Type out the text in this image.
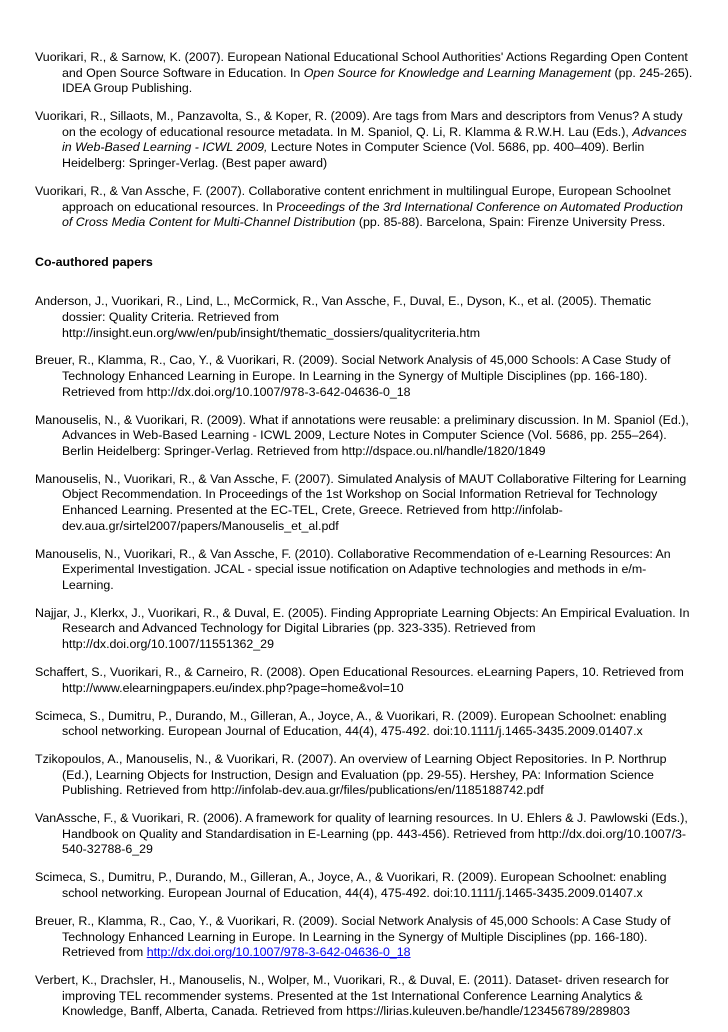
Vuorikari, R., & Sarnow, K. (2007). European National Educational School Authorities' Actions Regarding Open Content and Open Source Software in Education. In Open Source for Knowledge and Learning Management (pp. 245-265). IDEA Group Publishing.

Vuorikari, R., Sillaots, M., Panzavolta, S., & Koper, R. (2009). Are tags from Mars and descriptors from Venus? A study on the ecology of educational resource metadata. In M. Spaniol, Q. Li, R. Klamma & R.W.H. Lau (Eds.), Advances in Web-Based Learning - ICWL 2009, Lecture Notes in Computer Science (Vol. 5686, pp. 400–409). Berlin Heidelberg: Springer-Verlag. (Best paper award)

Vuorikari, R., & Van Assche, F. (2007). Collaborative content enrichment in multilingual Europe, European Schoolnet approach on educational resources. In Proceedings of the 3rd International Conference on Automated Production of Cross Media Content for Multi-Channel Distribution (pp. 85-88). Barcelona, Spain: Firenze University Press.

Co-authored papers

Anderson, J., Vuorikari, R., Lind, L., McCormick, R., Van Assche, F., Duval, E., Dyson, K., et al. (2005). Thematic dossier: Quality Criteria. Retrieved from http://insight.eun.org/ww/en/pub/insight/thematic_dossiers/qualitycriteria.htm

Breuer, R., Klamma, R., Cao, Y., & Vuorikari, R. (2009). Social Network Analysis of 45,000 Schools: A Case Study of Technology Enhanced Learning in Europe. In Learning in the Synergy of Multiple Disciplines (pp. 166-180). Retrieved from http://dx.doi.org/10.1007/978-3-642-04636-0_18

Manouselis, N., & Vuorikari, R. (2009). What if annotations were reusable: a preliminary discussion. In M. Spaniol (Ed.), Advances in Web-Based Learning - ICWL 2009, Lecture Notes in Computer Science (Vol. 5686, pp. 255–264). Berlin Heidelberg: Springer-Verlag. Retrieved from http://dspace.ou.nl/handle/1820/1849

Manouselis, N., Vuorikari, R., & Van Assche, F. (2007). Simulated Analysis of MAUT Collaborative Filtering for Learning Object Recommendation. In Proceedings of the 1st Workshop on Social Information Retrieval for Technology Enhanced Learning. Presented at the EC-TEL, Crete, Greece. Retrieved from http://infolab-dev.aua.gr/sirtel2007/papers/Manouselis_et_al.pdf

Manouselis, N., Vuorikari, R., & Van Assche, F. (2010). Collaborative Recommendation of e-Learning Resources: An Experimental Investigation. JCAL - special issue notification on Adaptive technologies and methods in e/m-Learning.

Najjar, J., Klerkx, J., Vuorikari, R., & Duval, E. (2005). Finding Appropriate Learning Objects: An Empirical Evaluation. In Research and Advanced Technology for Digital Libraries (pp. 323-335). Retrieved from http://dx.doi.org/10.1007/11551362_29

Schaffert, S., Vuorikari, R., & Carneiro, R. (2008). Open Educational Resources. eLearning Papers, 10. Retrieved from http://www.elearningpapers.eu/index.php?page=home&vol=10

Scimeca, S., Dumitru, P., Durando, M., Gilleran, A., Joyce, A., & Vuorikari, R. (2009). European Schoolnet: enabling school networking. European Journal of Education, 44(4), 475-492. doi:10.1111/j.1465-3435.2009.01407.x

Tzikopoulos, A., Manouselis, N., & Vuorikari, R. (2007). An overview of Learning Object Repositories. In P. Northrup (Ed.), Learning Objects for Instruction, Design and Evaluation (pp. 29-55). Hershey, PA: Information Science Publishing. Retrieved from http://infolab-dev.aua.gr/files/publications/en/1185188742.pdf

VanAssche, F., & Vuorikari, R. (2006). A framework for quality of learning resources. In U. Ehlers & J. Pawlowski (Eds.), Handbook on Quality and Standardisation in E-Learning (pp. 443-456). Retrieved from http://dx.doi.org/10.1007/3-540-32788-6_29

Scimeca, S., Dumitru, P., Durando, M., Gilleran, A., Joyce, A., & Vuorikari, R. (2009). European Schoolnet: enabling school networking. European Journal of Education, 44(4), 475-492. doi:10.1111/j.1465-3435.2009.01407.x

Breuer, R., Klamma, R., Cao, Y., & Vuorikari, R. (2009). Social Network Analysis of 45,000 Schools: A Case Study of Technology Enhanced Learning in Europe. In Learning in the Synergy of Multiple Disciplines (pp. 166-180). Retrieved from http://dx.doi.org/10.1007/978-3-642-04636-0_18

Verbert, K., Drachsler, H., Manouselis, N., Wolper, M., Vuorikari, R., & Duval, E. (2011). Dataset- driven research for improving TEL recommender systems. Presented at the 1st International Conference Learning Analytics & Knowledge, Banff, Alberta, Canada. Retrieved from https://lirias.kuleuven.be/handle/123456789/289803
